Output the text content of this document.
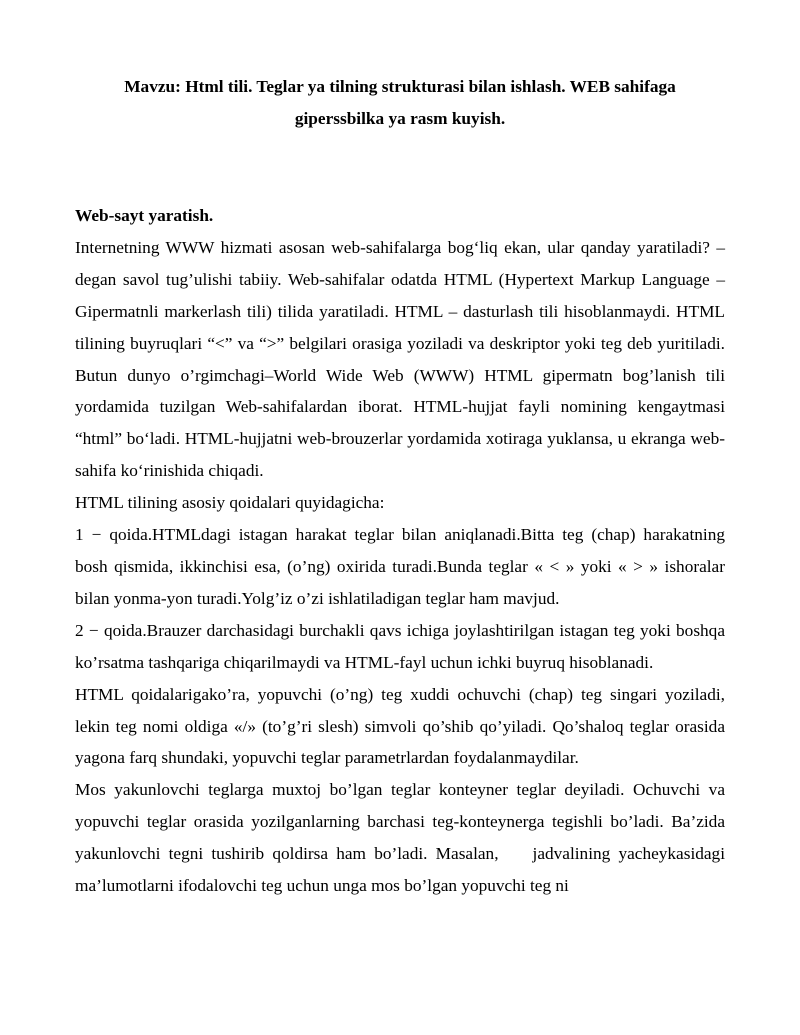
Mavzu: Html tili. Teglar ya tilning strukturasi bilan ishlash. WEB sahifaga
giperssbilka ya rasm kuyish.
Web-sayt yaratish.

Internetning WWW hizmati asosan web-sahifalarga bog‘liq ekan, ular qanday yaratiladi? – degan savol tug’ulishi tabiiy. Web-sahifalar odatda HTML (Hypertext Markup Language – Gipermatnli markerlash tili) tilida yaratiladi. HTML – dasturlash tili hisoblanmaydi. HTML tilining buyruqlari “<” va “>” belgilari orasiga yoziladi va deskriptor yoki teg deb yuritiladi. Butun dunyo o’rgimchagi–World Wide Web (WWW) HTML gipermatn bog’lanish tili yordamida tuzilgan Web-sahifalardan iborat. HTML-hujjat fayli nomining kengaytmasi “html” bo‘ladi. HTML-hujjatni web-brouzerlar yordamida xotiraga yuklansa, u ekranga web-sahifa ko‘rinishida chiqadi.

HTML tilining asosiy qoidalari quyidagicha:

1 − qoida.HTMLdagi istagan harakat teglar bilan aniqlanadi.Bitta teg (chap) harakatning bosh qismida, ikkinchisi esa, (o’ng) oxirida turadi.Bunda teglar « < » yoki « > » ishoralar bilan yonma-yon turadi.Yolg’iz o’zi ishlatiladigan teglar ham mavjud.

2 − qoida.Brauzer darchasidagi burchakli qavs ichiga joylashtirilgan istagan teg yoki boshqa ko’rsatma tashqariga chiqarilmaydi va HTML-fayl uchun ichki buyruq hisoblanadi.

HTML qoidalarigako’ra, yopuvchi (o’ng) teg xuddi ochuvchi (chap) teg singari yoziladi, lekin teg nomi oldiga «/» (to’g’ri slesh) simvoli qo’shib qo’yiladi. Qo’shaloq teglar orasida yagona farq shundaki, yopuvchi teglar parametrlardan foydalanmaydilar.

Mos yakunlovchi teglarga muxtoj bo’lgan teglar konteyner teglar deyiladi. Ochuvchi va yopuvchi teglar orasida yozilganlarning barchasi teg-konteynerga tegishli bo’ladi. Ba’zida yakunlovchi tegni tushirib qoldirsa ham bo’ladi. Masalan, jadvalining yacheykasidagi ma’lumotlarni ifodalovchi teg uchun unga mos bo’lgan yopuvchi teg ni
